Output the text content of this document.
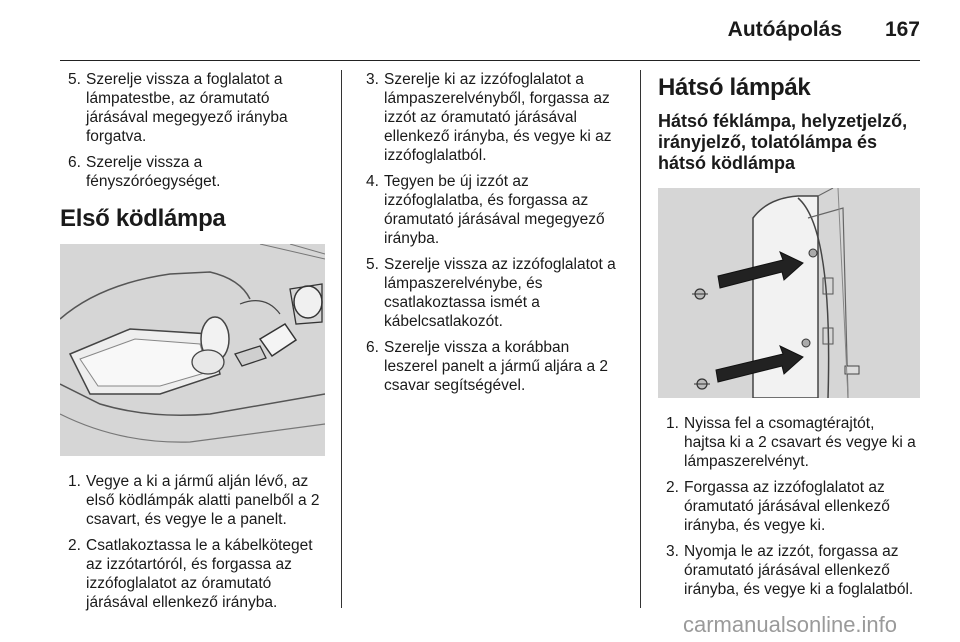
Autóápolás 167
5. Szerelje vissza a foglalatot a lámpatestbe, az óramutató járásával megegyező irányba forgatva.
6. Szerelje vissza a fényszóróegységet.
Első ködlámpa
1. Vegye a ki a jármű alján lévő, az első ködlámpák alatti panelből a 2 csavart, és vegye le a panelt.
2. Csatlakoztassa le a kábelköteget az izzótartóról, és forgassa az izzófoglalatot az óramutató járásával ellenkező irányba.
3. Szerelje ki az izzófoglalatot a lámpaszerelvényből, forgassa az izzót az óramutató járásával ellenkező irányba, és vegye ki az izzófoglalatból.
4. Tegyen be új izzót az izzófoglalatba, és forgassa az óramutató járásával megegyező irányba.
5. Szerelje vissza az izzófoglalatot a lámpaszerelvénybe, és csatlakoztassa ismét a kábelcsatlakozót.
6. Szerelje vissza a korábban leszerel panelt a jármű aljára a 2 csavar segítségével.
Hátsó lámpák
Hátsó féklámpa, helyzetjelző, irányjelző, tolatólámpa és hátsó ködlámpa
1. Nyissa fel a csomagtérajtót, hajtsa ki a 2 csavart és vegye ki a lámpaszerelvényt.
2. Forgassa az izzófoglalatot az óramutató járásával ellenkező irányba, és vegye ki.
3. Nyomja le az izzót, forgassa az óramutató járásával ellenkező irányba, és vegye ki a foglalatból.
carmanualsonline.info
